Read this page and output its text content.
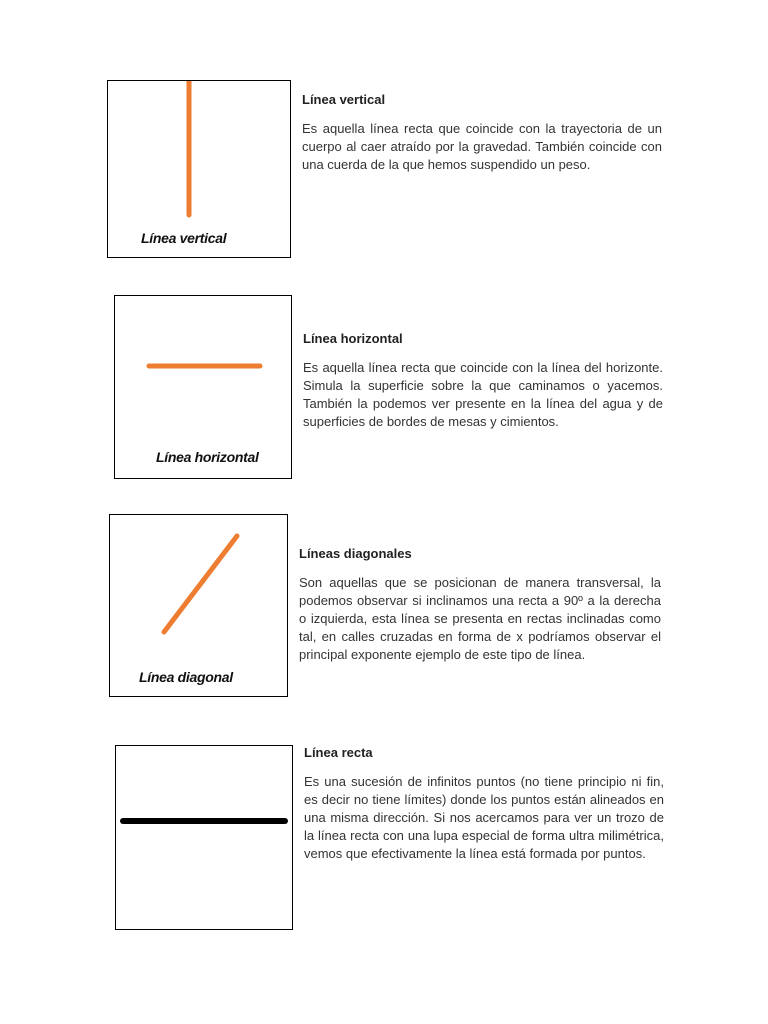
Línea vertical

Línea vertical

Es aquella línea recta que coincide con la trayectoria de un cuerpo al caer atraído por la gravedad. También coincide con una cuerda de la que hemos suspendido un peso.

Línea horizontal

Línea horizontal

Es aquella línea recta que coincide con la línea del horizonte. Simula la superficie sobre la que caminamos o yacemos. También la podemos ver presente en la línea del agua y de superficies de bordes de mesas y cimientos.

Línea diagonal

Líneas diagonales

Son aquellas que se posicionan de manera transversal, la podemos observar si inclinamos una recta a 90º a la derecha o izquierda, esta línea se presenta en rectas inclinadas como tal, en calles cruzadas en forma de x podríamos observar el principal exponente ejemplo de este tipo de línea.

Línea recta

Es una sucesión de infinitos puntos (no tiene principio ni fin, es decir no tiene límites) donde los puntos están alineados en una misma dirección. Si nos acercamos para ver un trozo de la línea recta con una lupa especial de forma ultra milimétrica, vemos que efectivamente la línea está formada por puntos.
